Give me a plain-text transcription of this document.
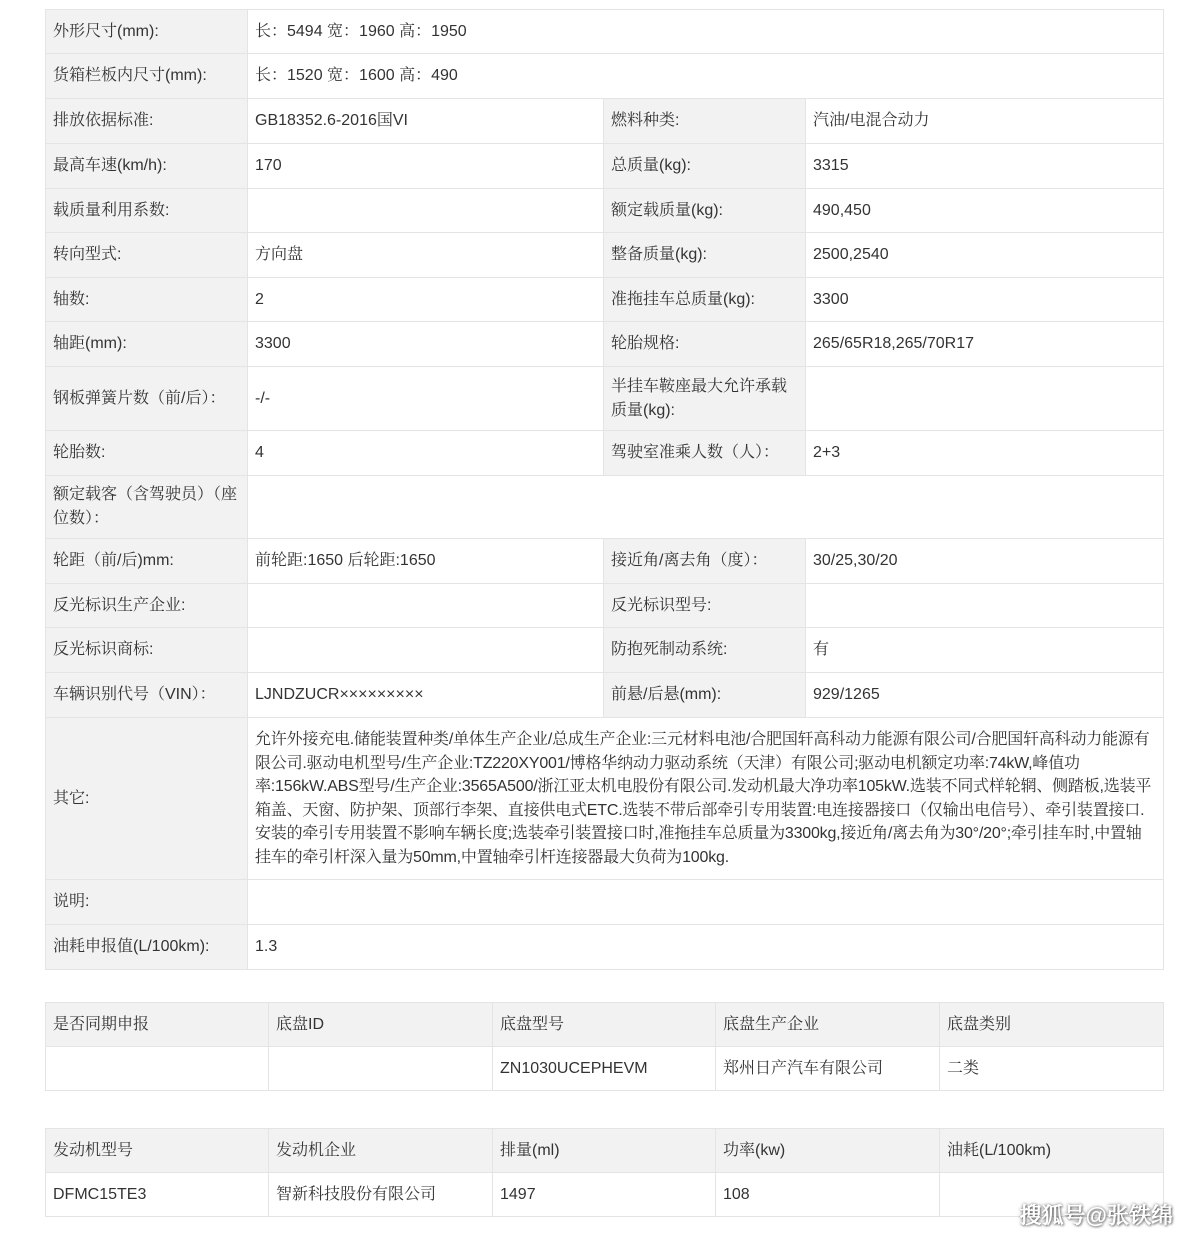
外形尺寸(mm):	长：5494 宽：1960 高：1950		
货箱栏板内尺寸(mm):	长：1520 宽：1600 高：490		
排放依据标准:	GB18352.6-2016国VI	燃料种类:	汽油/电混合动力
最高车速(km/h):	170	总质量(kg):	3315
载质量利用系数:		额定载质量(kg):	490,450
转向型式:	方向盘	整备质量(kg):	2500,2540
轴数:	2	准拖挂车总质量(kg):	3300
轴距(mm):	3300	轮胎规格:	265/65R18,265/70R17
钢板弹簧片数（前/后）：	-/-	半挂车鞍座最大允许承载质量(kg):	
轮胎数:	4	驾驶室准乘人数（人）：	2+3
额定载客（含驾驶员）（座位数）：			
轮距（前/后)mm:	前轮距:1650 后轮距:1650	接近角/离去角（度）：	30/25,30/20
反光标识生产企业:		反光标识型号:	
反光标识商标:		防抱死制动系统:	有
车辆识别代号（VIN）：	LJNDZUCR×××××××××	前悬/后悬(mm):	929/1265
其它:	允许外接充电.储能装置种类/单体生产企业/总成生产企业:三元材料电池/合肥国轩高科动力能源有限公司/合肥国轩高科动力能源有限公司.驱动电机型号/生产企业:TZ220XY001/博格华纳动力驱动系统（天津）有限公司;驱动电机额定功率:74kW,峰值功率:156kW.ABS型号/生产企业:3565A500/浙江亚太机电股份有限公司.发动机最大净功率105kW.选装不同式样轮辋、侧踏板,选装平箱盖、天窗、防护架、顶部行李架、直接供电式ETC.选装不带后部牵引专用装置:电连接器接口（仅输出电信号）、牵引装置接口.安装的牵引专用装置不影响车辆长度;选装牵引装置接口时,准拖挂车总质量为3300kg,接近角/离去角为30°/20°;牵引挂车时,中置轴挂车的牵引杆深入量为50mm,中置轴牵引杆连接器最大负荷为100kg.		
说明:			
油耗申报值(L/100km):	1.3		
是否同期申报	底盘ID	底盘型号	底盘生产企业	底盘类别
		ZN1030UCEPHEVM	郑州日产汽车有限公司	二类
发动机型号	发动机企业	排量(ml)	功率(kw)	油耗(L/100km)
DFMC15TE3	智新科技股份有限公司	1497	108	
搜狐号@张铁绵
